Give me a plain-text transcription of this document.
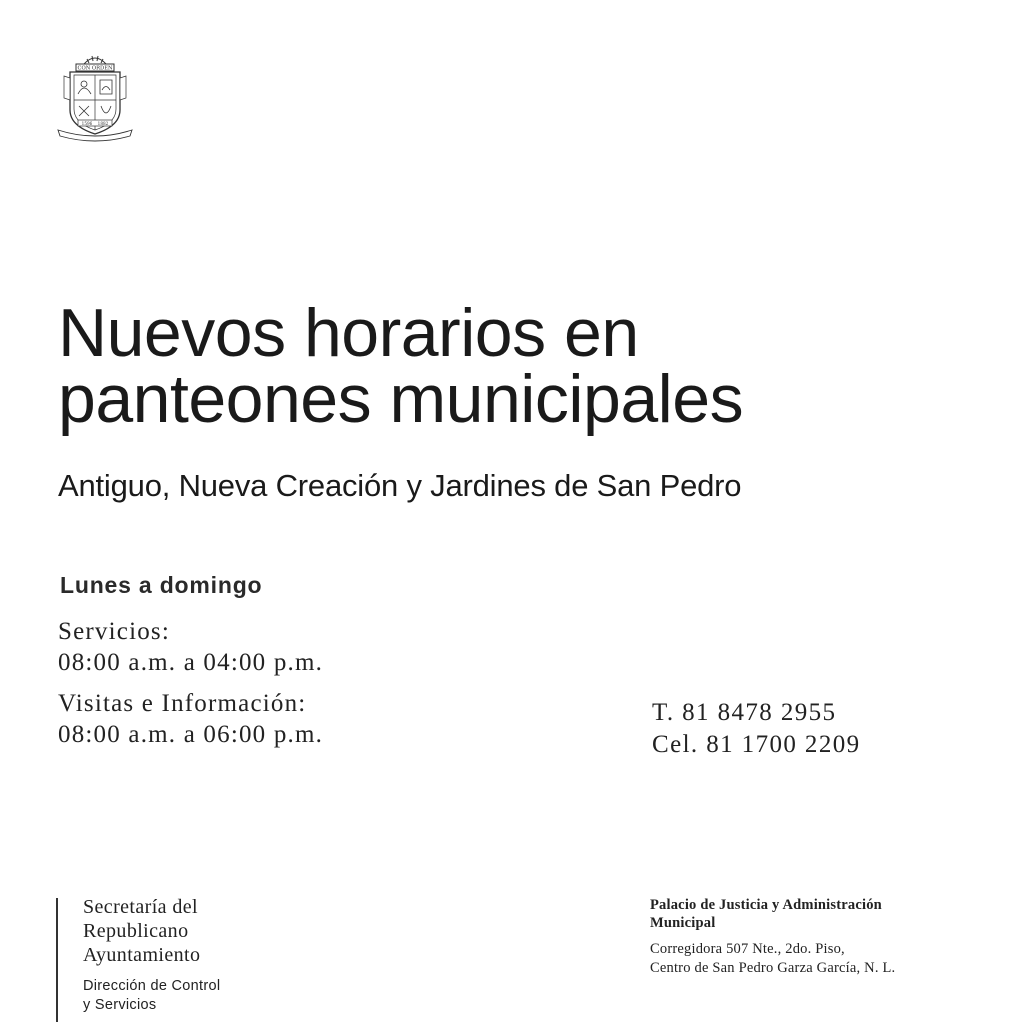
CON ORDEN
1596 1882
Nuevos horarios en
panteones municipales
Antiguo, Nueva Creación y Jardines de San Pedro
Lunes a domingo
Servicios:
08:00 a.m. a 04:00 p.m.
Visitas e Información:
08:00 a.m. a 06:00 p.m.
T. 81 8478 2955
Cel. 81 1700 2209
Secretaría del
Republicano
Ayuntamiento
Dirección de Control
y Servicios
Palacio de Justicia y Administración
Municipal
Corregidora 507 Nte., 2do. Piso,
Centro de San Pedro Garza García, N. L.
